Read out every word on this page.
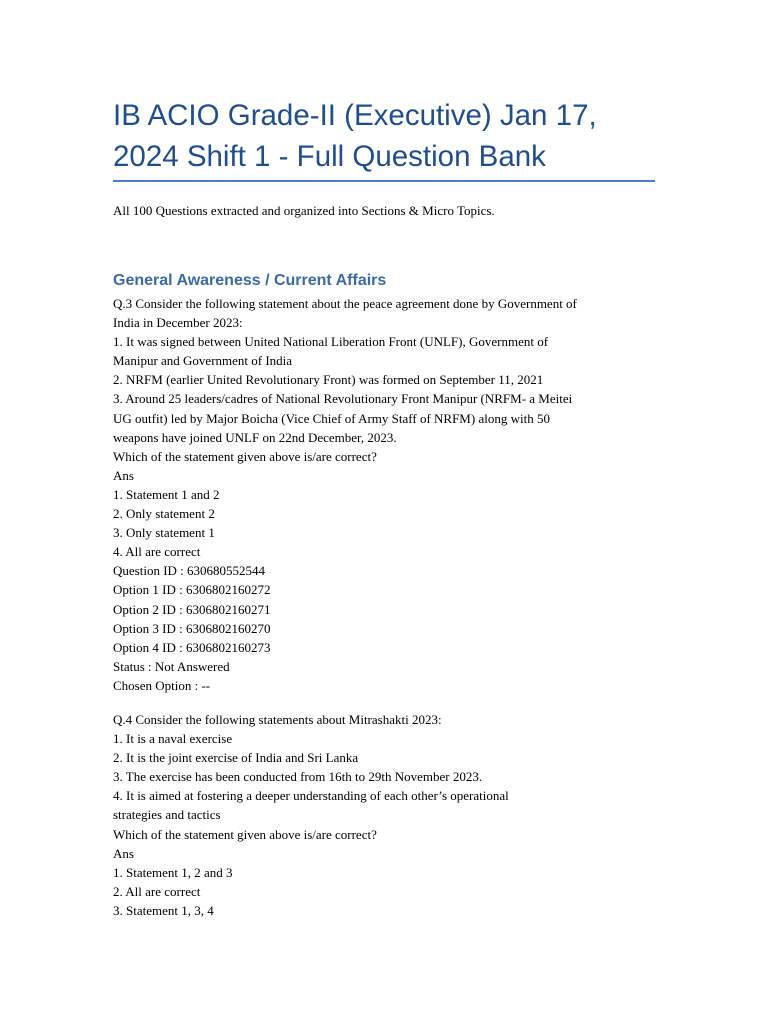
IB ACIO Grade-II (Executive) Jan 17,
2024 Shift 1 - Full Question Bank

All 100 Questions extracted and organized into Sections & Micro Topics.

General Awareness / Current Affairs
Q.3 Consider the following statement about the peace agreement done by Government of
India in December 2023:
1. It was signed between United National Liberation Front (UNLF), Government of
Manipur and Government of India
2. NRFM (earlier United Revolutionary Front) was formed on September 11, 2021
3. Around 25 leaders/cadres of National Revolutionary Front Manipur (NRFM- a Meitei
UG outfit) led by Major Boicha (Vice Chief of Army Staff of NRFM) along with 50
weapons have joined UNLF on 22nd December, 2023.
Which of the statement given above is/are correct?
Ans
1. Statement 1 and 2
2. Only statement 2
3. Only statement 1
4. All are correct
Question ID : 630680552544
Option 1 ID : 6306802160272
Option 2 ID : 6306802160271
Option 3 ID : 6306802160270
Option 4 ID : 6306802160273
Status : Not Answered
Chosen Option : --
Q.4 Consider the following statements about Mitrashakti 2023:
1. It is a naval exercise
2. It is the joint exercise of India and Sri Lanka
3. The exercise has been conducted from 16th to 29th November 2023.
4. It is aimed at fostering a deeper understanding of each other’s operational
strategies and tactics
Which of the statement given above is/are correct?
Ans
1. Statement 1, 2 and 3
2. All are correct
3. Statement 1, 3, 4
